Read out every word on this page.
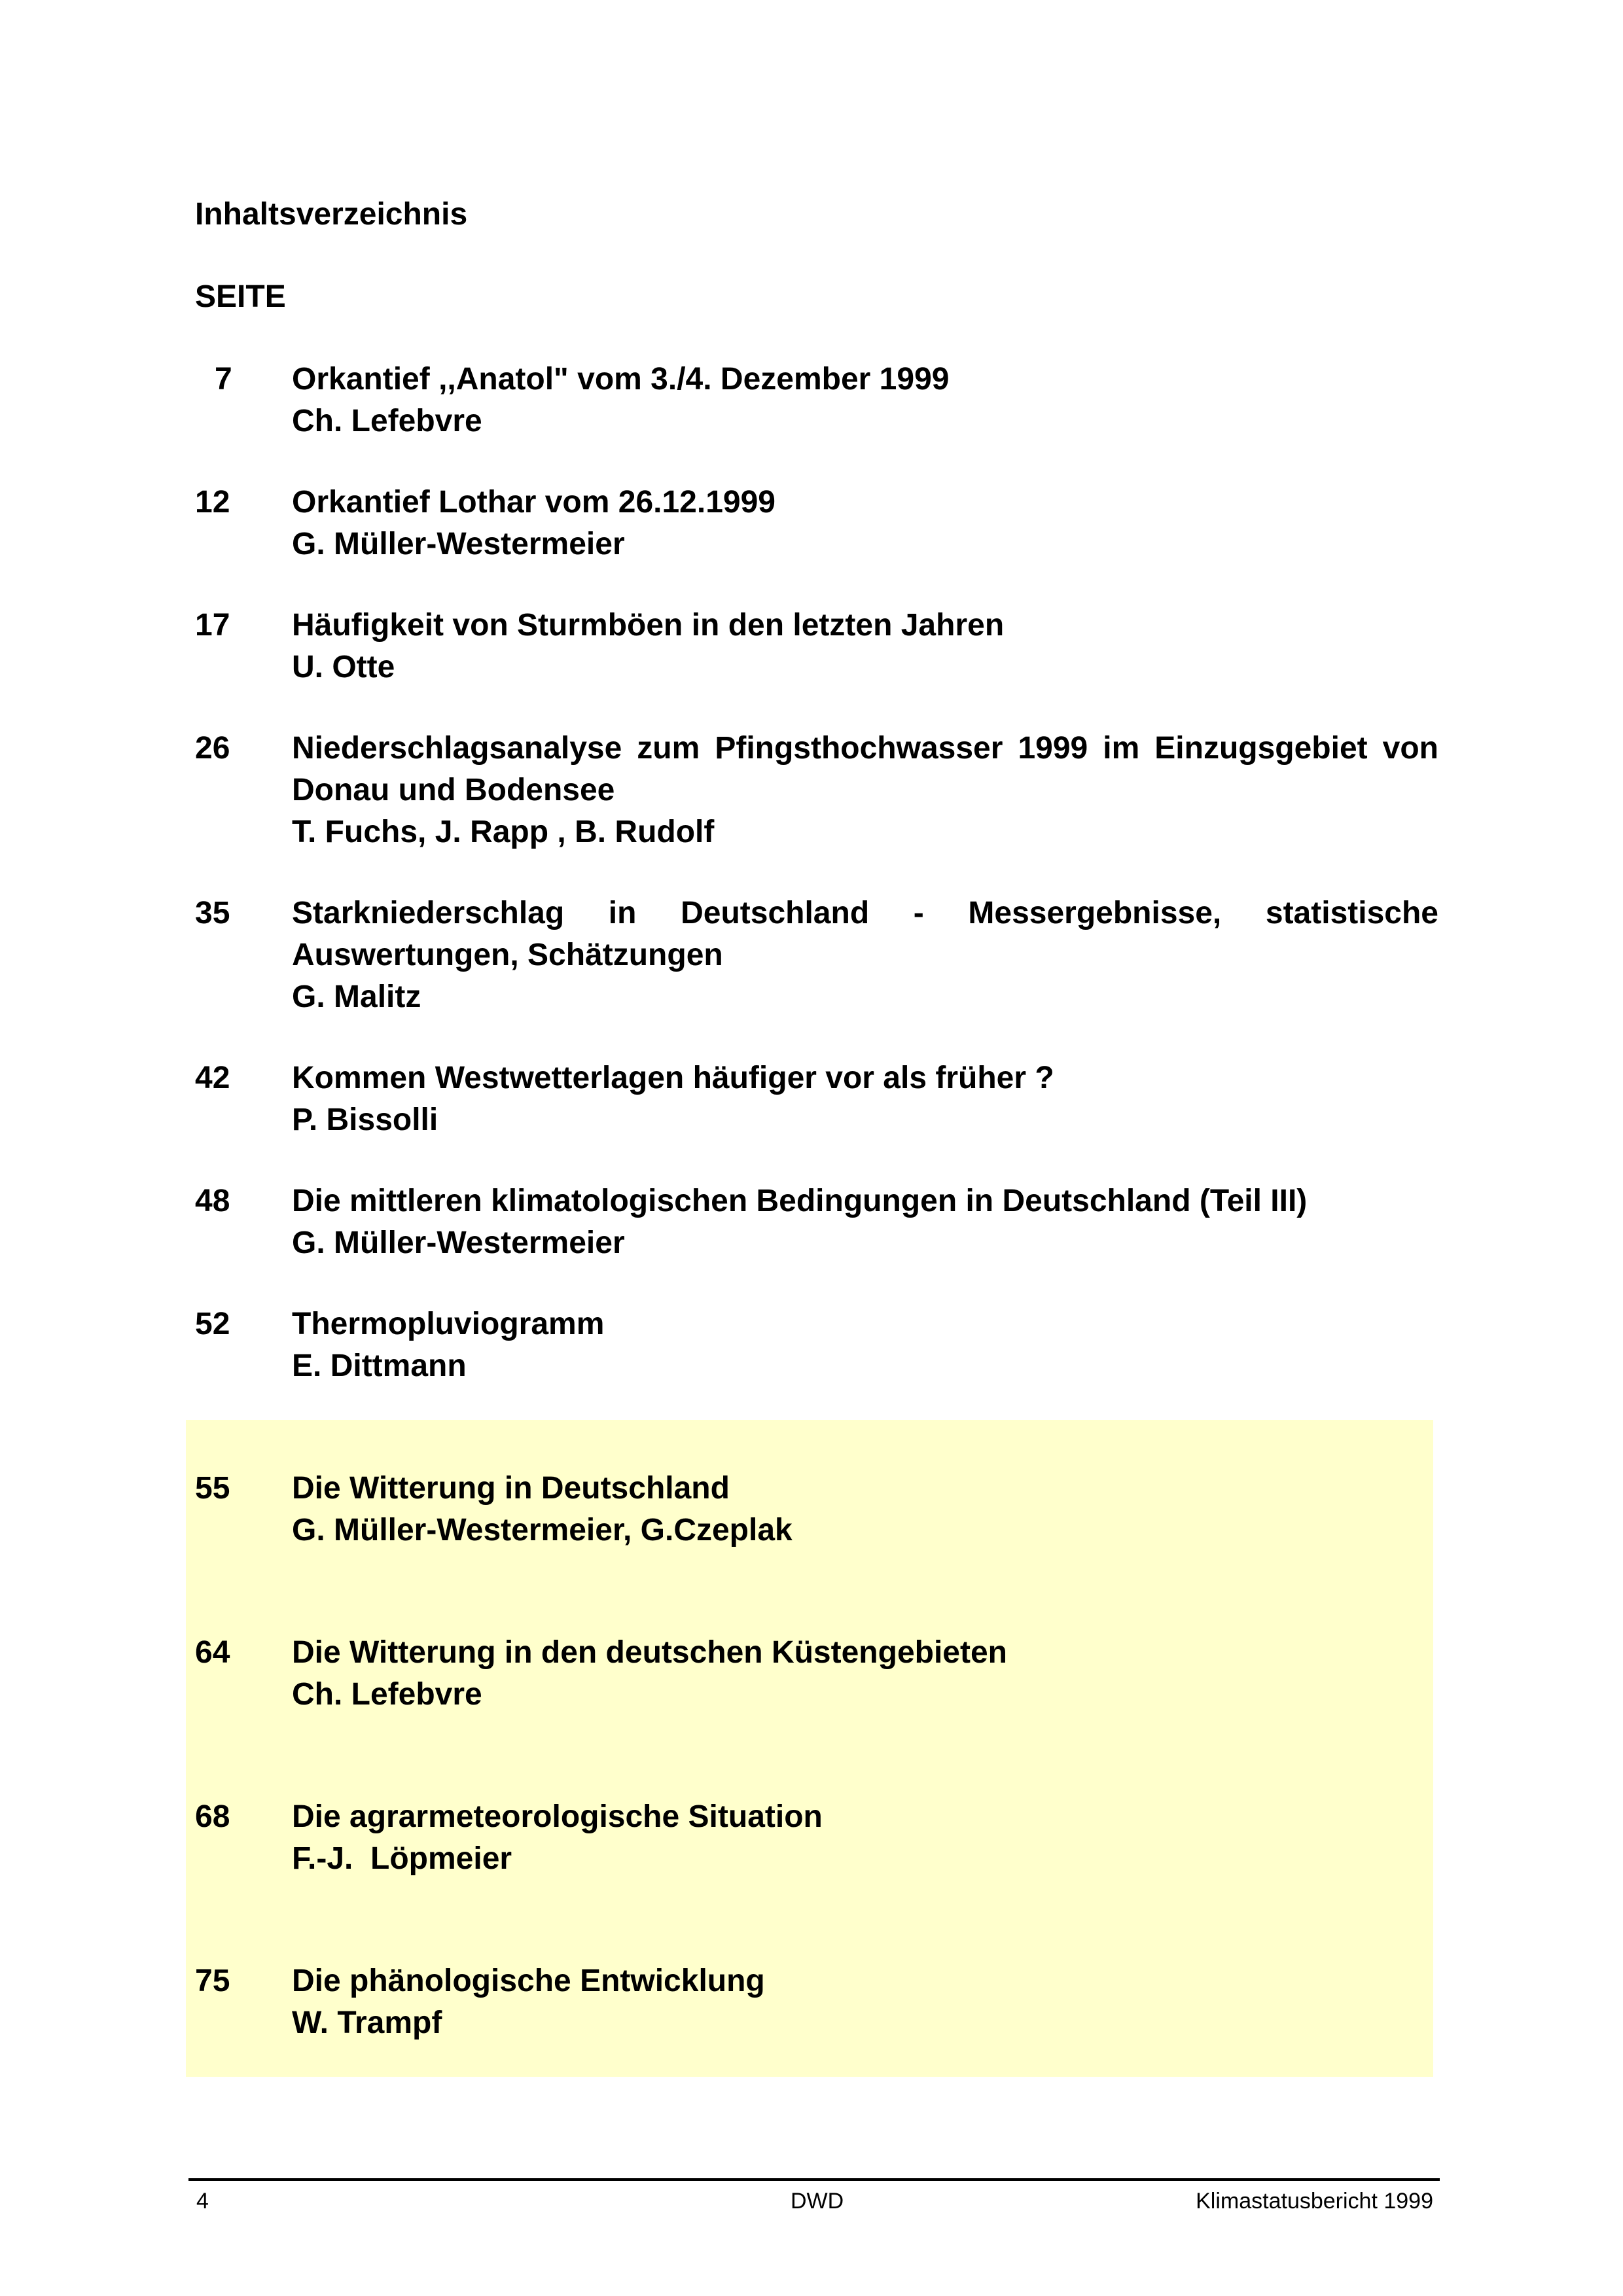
Inhaltsverzeichnis
SEITE
7	Orkantief ,,Anatol" vom 3./4. Dezember 1999
Ch. Lefebvre
12	Orkantief Lothar vom 26.12.1999
G. Müller-Westermeier
17	Häufigkeit von Sturmböen in den letzten Jahren
U. Otte
26	Niederschlagsanalyse zum Pfingsthochwasser 1999 im Einzugsgebiet von Donau und Bodensee
T. Fuchs, J. Rapp , B. Rudolf
35	Starkniederschlag in Deutschland - Messergebnisse, statistische Auswertungen, Schätzungen
G. Malitz
42	Kommen Westwetterlagen häufiger vor als früher ?
P. Bissolli
48	Die mittleren klimatologischen Bedingungen in Deutschland (Teil III)
G. Müller-Westermeier
52	Thermopluviogramm
E. Dittmann
55	Die Witterung in Deutschland
G. Müller-Westermeier, G.Czeplak
64	Die Witterung in den deutschen Küstengebieten
Ch. Lefebvre
68	Die agrarmeteorologische Situation
F.-J.  Löpmeier
75	Die phänologische Entwicklung
W. Trampf
4	DWD	Klimastatusbericht 1999
